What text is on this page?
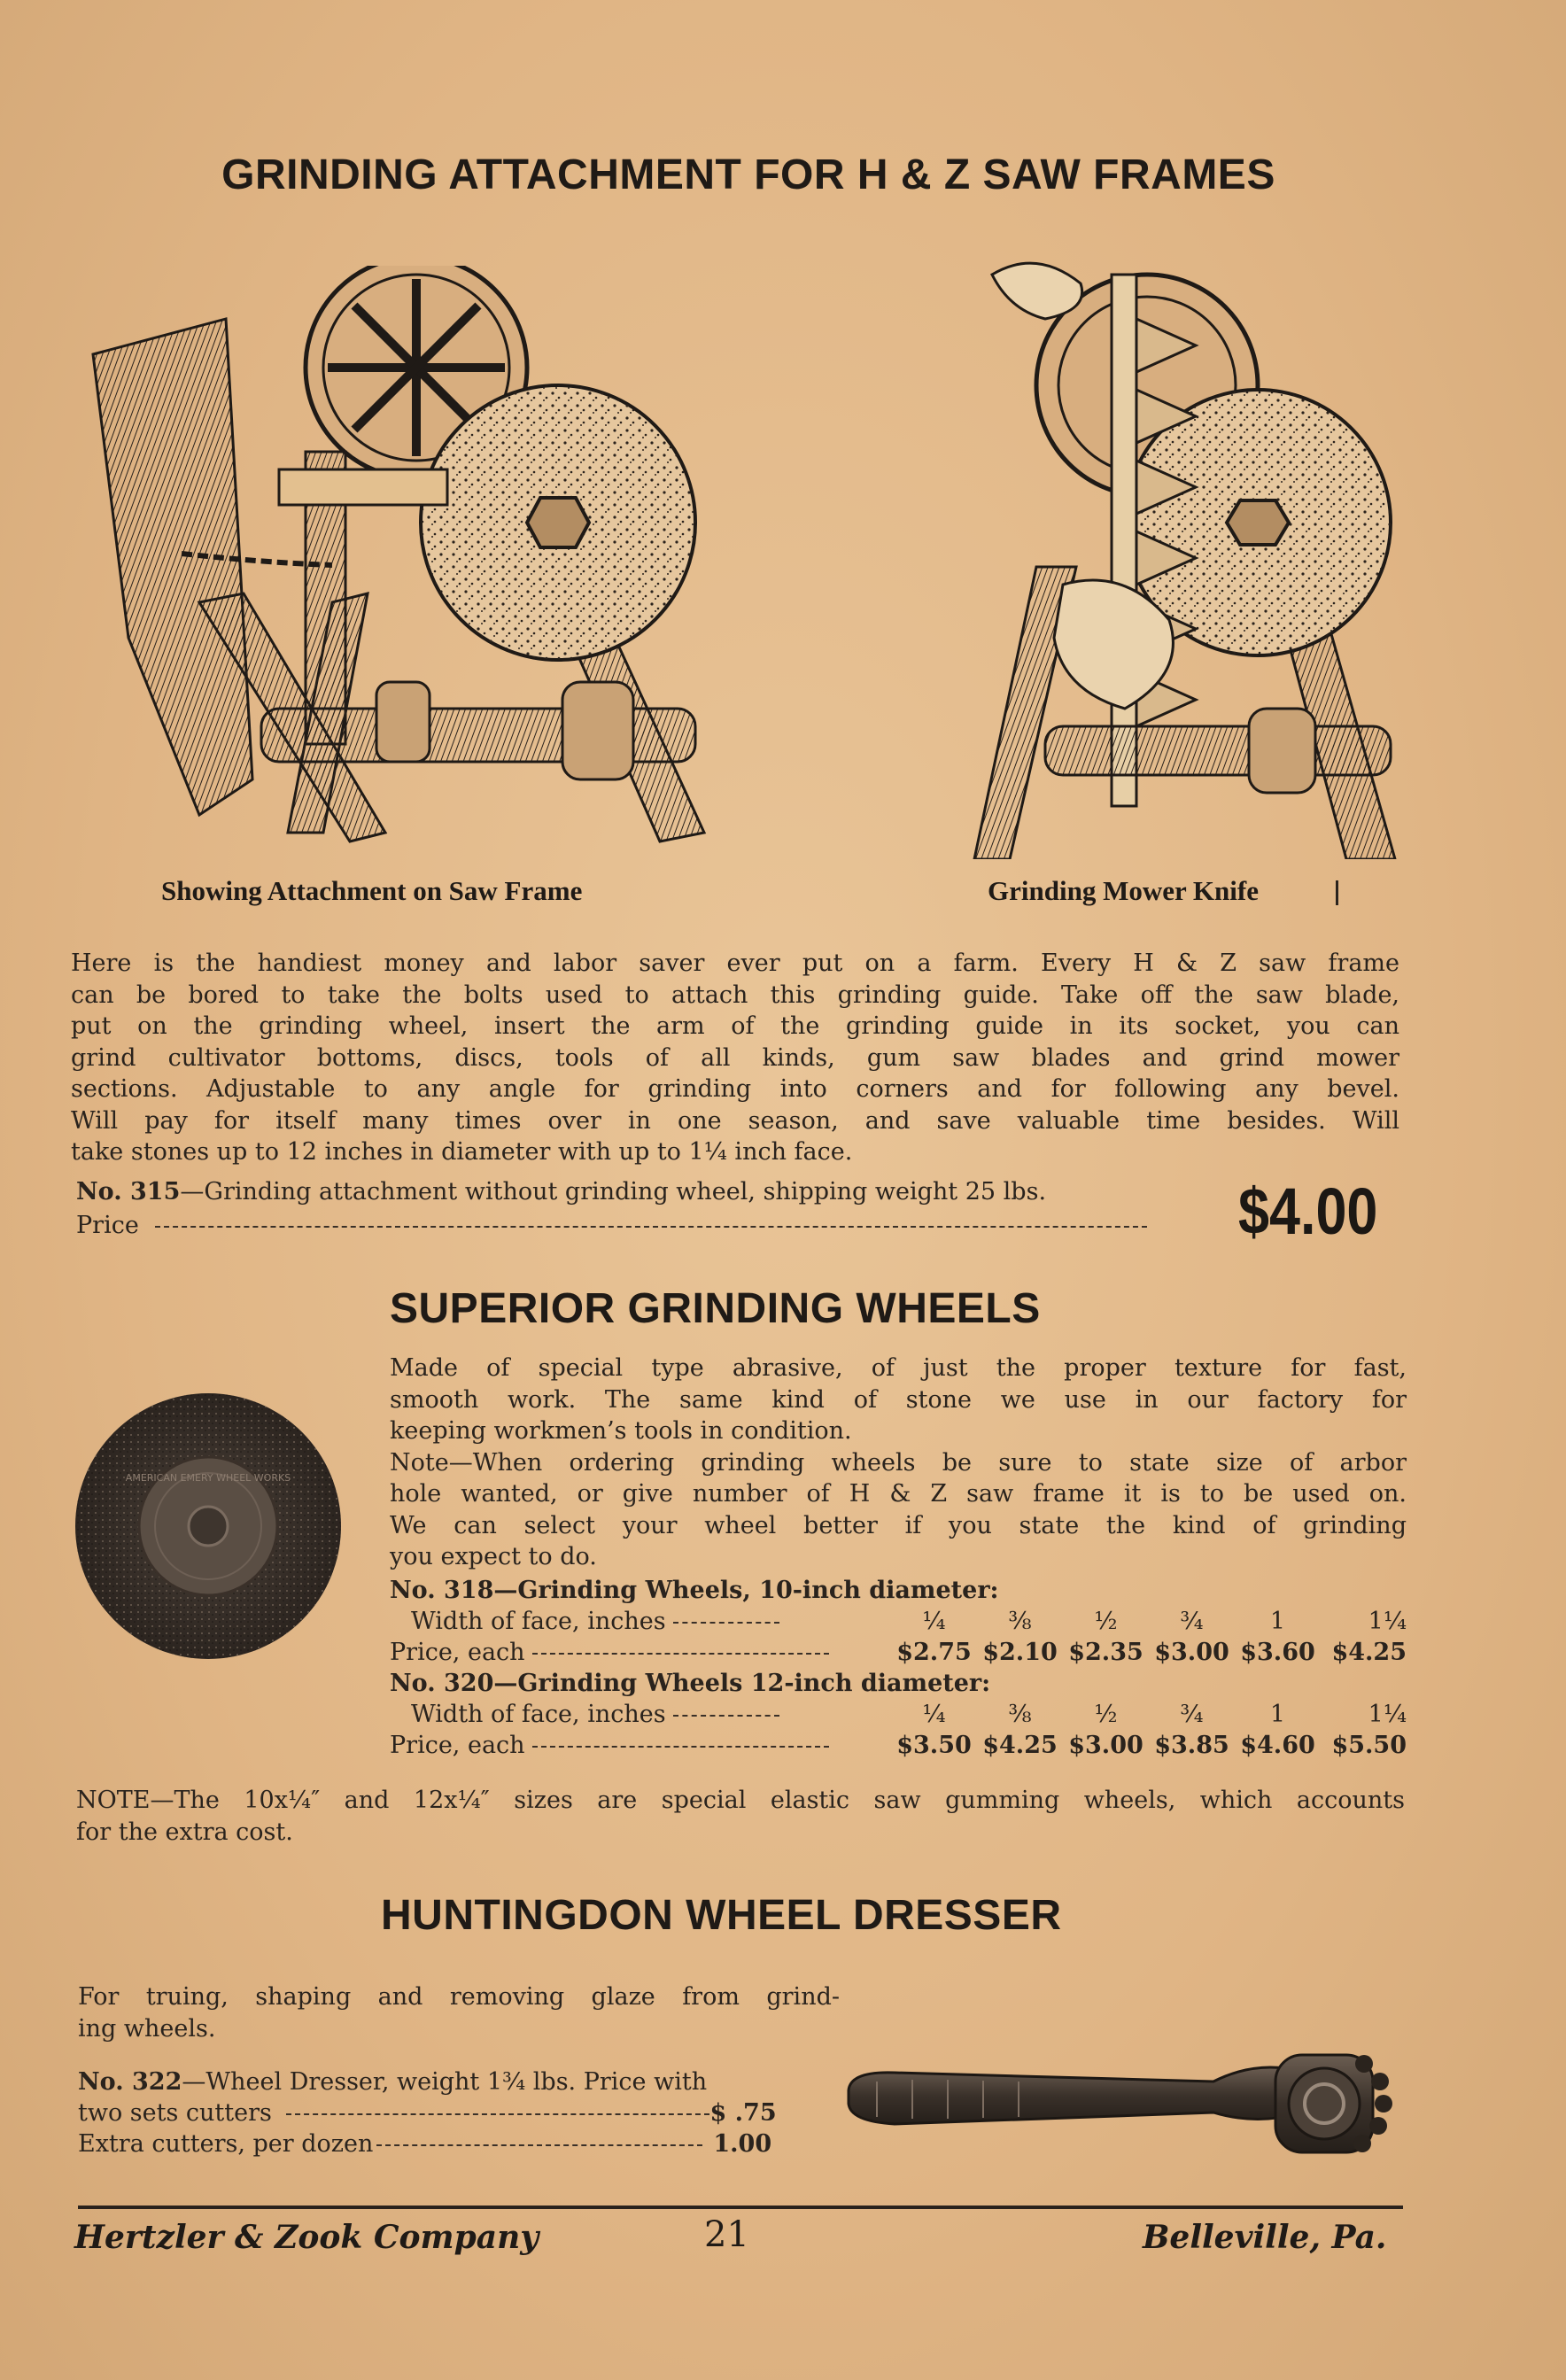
GRINDING ATTACHMENT FOR H & Z SAW FRAMES
Showing Attachment on Saw Frame	Grinding Mower Knife
Here is the handiest money and labor saver ever put on a farm. Every H & Z saw frame
can be bored to take the bolts used to attach this grinding guide. Take off the saw blade,
put on the grinding wheel, insert the arm of the grinding guide in its socket, you can
grind cultivator bottoms, discs, tools of all kinds, gum saw blades and grind mower
sections. Adjustable to any angle for grinding into corners and for following any bevel.
Will pay for itself many times over in one season, and save valuable time besides. Will
take stones up to 12 inches in diameter with up to 1¼ inch face.
No. 315—Grinding attachment without grinding wheel, shipping weight 25 lbs.
Price	$4.00
SUPERIOR GRINDING WHEELS
AMERICAN EMERY WHEEL WORKS
Made of special type abrasive, of just the proper texture for fast,
smooth work. The same kind of stone we use in our factory for
keeping workmen’s tools in condition.
Note—When ordering grinding wheels be sure to state size of arbor
hole wanted, or give number of H & Z saw frame it is to be used on.
We can select your wheel better if you state the kind of grinding
you expect to do.
No. 318—Grinding Wheels, 10-inch diameter:
Width of face, inches	¼	⅜	½	¾	1	1¼
Price, each	$2.75	$2.10	$2.35	$3.00	$3.60	$4.25
No. 320—Grinding Wheels 12-inch diameter:
Width of face, inches	¼	⅜	½	¾	1	1¼
Price, each	$3.50	$4.25	$3.00	$3.85	$4.60	$5.50
NOTE—The 10x¼″ and 12x¼″ sizes are special elastic saw gumming wheels, which accounts
for the extra cost.
HUNTINGDON WHEEL DRESSER
For truing, shaping and removing glaze from grind-
ing wheels.
No. 322—Wheel Dresser, weight 1¾ lbs. Price with
two sets cutters	$ .75
Extra cutters, per dozen	1.00
Hertzler & Zook Company	21	Belleville, Pa.
